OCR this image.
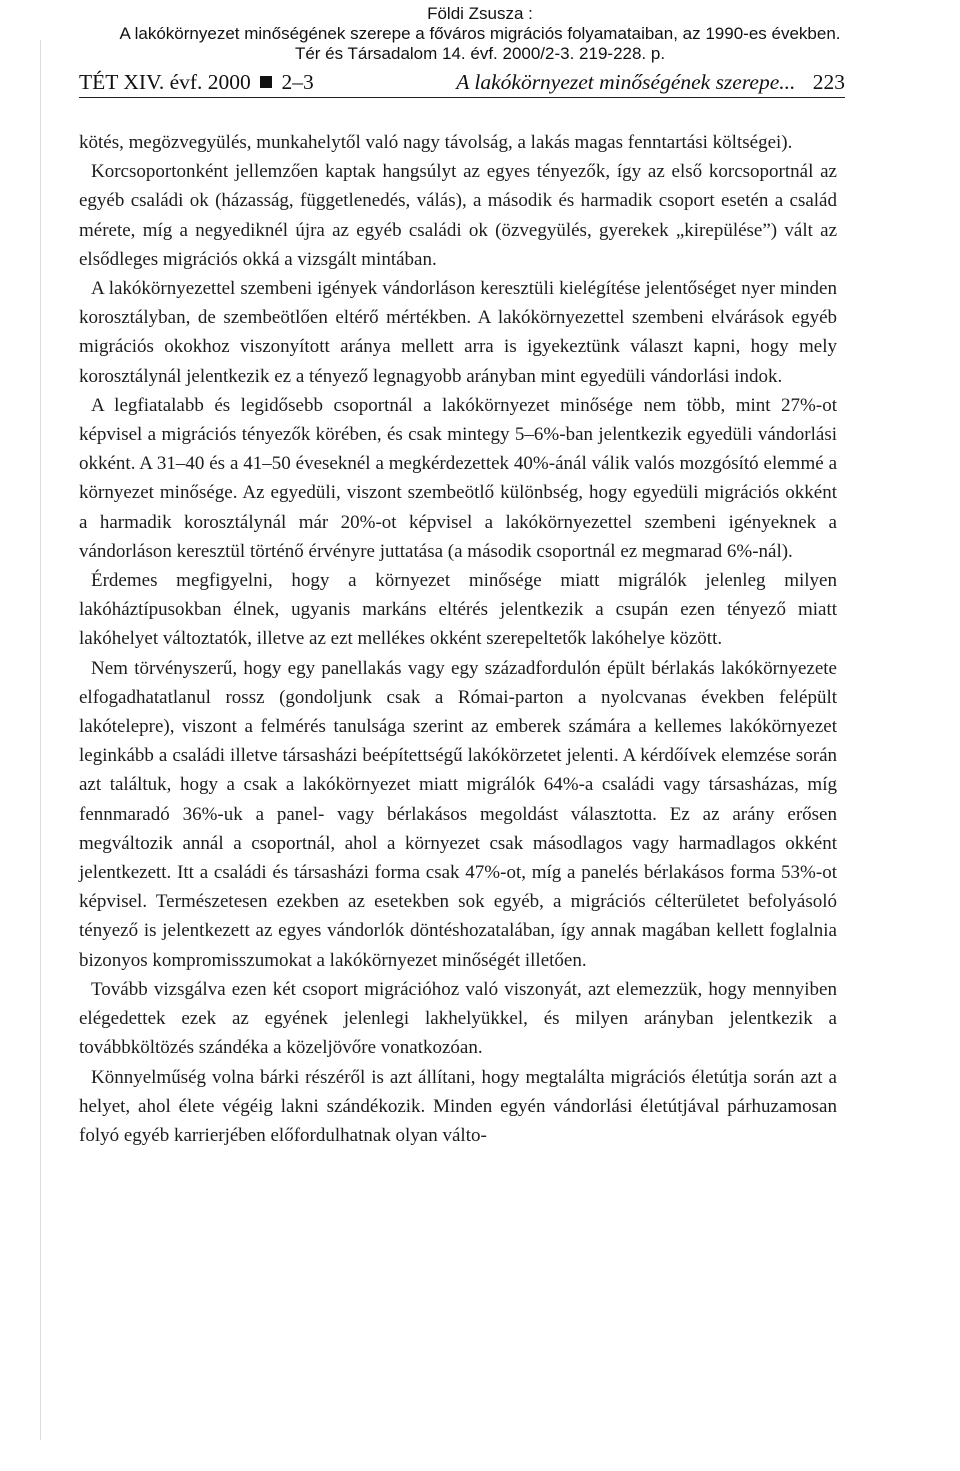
Földi Zsusza :
A lakókörnyezet minőségének szerepe a főváros migrációs folyamataiban, az 1990-es években.
Tér és Társadalom 14. évf. 2000/2-3. 219-228. p.
TÉT XIV. évf. 2000 2–3	A lakókörnyezet minőségének szerepe... 223

kötés, megözvegyülés, munkahelytől való nagy távolság, a lakás magas fenntartási költségei).

Korcsoportonként jellemzően kaptak hangsúlyt az egyes tényezők, így az első korcsoportnál az egyéb családi ok (házasság, függetlenedés, válás), a második és harmadik csoport esetén a család mérete, míg a negyediknél újra az egyéb családi ok (özvegyülés, gyerekek „kirepülése”) vált az elsődleges migrációs okká a vizsgált mintában.

A lakókörnyezettel szembeni igények vándorláson keresztüli kielégítése jelentőséget nyer minden korosztályban, de szembeötlően eltérő mértékben. A lakókörnyezettel szembeni elvárások egyéb migrációs okokhoz viszonyított aránya mellett arra is igyekeztünk választ kapni, hogy mely korosztálynál jelentkezik ez a tényező legnagyobb arányban mint egyedüli vándorlási indok.

A legfiatalabb és legidősebb csoportnál a lakókörnyezet minősége nem több, mint 27%-ot képvisel a migrációs tényezők körében, és csak mintegy 5–6%-ban jelentkezik egyedüli vándorlási okként. A 31–40 és a 41–50 éveseknél a megkérdezettek 40%-ánál válik valós mozgósító elemmé a környezet minősége. Az egyedüli, viszont szembeötlő különbség, hogy egyedüli migrációs okként a harmadik korosztálynál már 20%-ot képvisel a lakókörnyezettel szembeni igényeknek a vándorláson keresztül történő érvényre juttatása (a második csoportnál ez megmarad 6%-nál).

Érdemes megfigyelni, hogy a környezet minősége miatt migrálók jelenleg milyen lakóháztípusokban élnek, ugyanis markáns eltérés jelentkezik a csupán ezen tényező miatt lakóhelyet változtatók, illetve az ezt mellékes okként szerepeltetők lakóhelye között.

Nem törvényszerű, hogy egy panellakás vagy egy századfordulón épült bérlakás lakókörnyezete elfogadhatatlanul rossz (gondoljunk csak a Római-parton a nyolcvanas években felépült lakótelepre), viszont a felmérés tanulsága szerint az emberek számára a kellemes lakókörnyezet leginkább a családi illetve társasházi beépítettségű lakókörzetet jelenti. A kérdőívek elemzése során azt találtuk, hogy a csak a lakókörnyezet miatt migrálók 64%-a családi vagy társasházas, míg fennmaradó 36%-uk a panel- vagy bérlakásos megoldást választotta. Ez az arány erősen megváltozik annál a csoportnál, ahol a környezet csak másodlagos vagy harmadlagos okként jelentkezett. Itt a családi és társasházi forma csak 47%-ot, míg a panelés bérlakásos forma 53%-ot képvisel. Természetesen ezekben az esetekben sok egyéb, a migrációs célterületet befolyásoló tényező is jelentkezett az egyes vándorlók döntéshozatalában, így annak magában kellett foglalnia bizonyos kompromisszumokat a lakókörnyezet minőségét illetően.

Tovább vizsgálva ezen két csoport migrációhoz való viszonyát, azt elemezzük, hogy mennyiben elégedettek ezek az egyének jelenlegi lakhelyükkel, és milyen arányban jelentkezik a továbbköltözés szándéka a közeljövőre vonatkozóan.

Könnyelműség volna bárki részéről is azt állítani, hogy megtalálta migrációs életútja során azt a helyet, ahol élete végéig lakni szándékozik. Minden egyén vándorlási életútjával párhuzamosan folyó egyéb karrierjében előfordulhatnak olyan válto-
